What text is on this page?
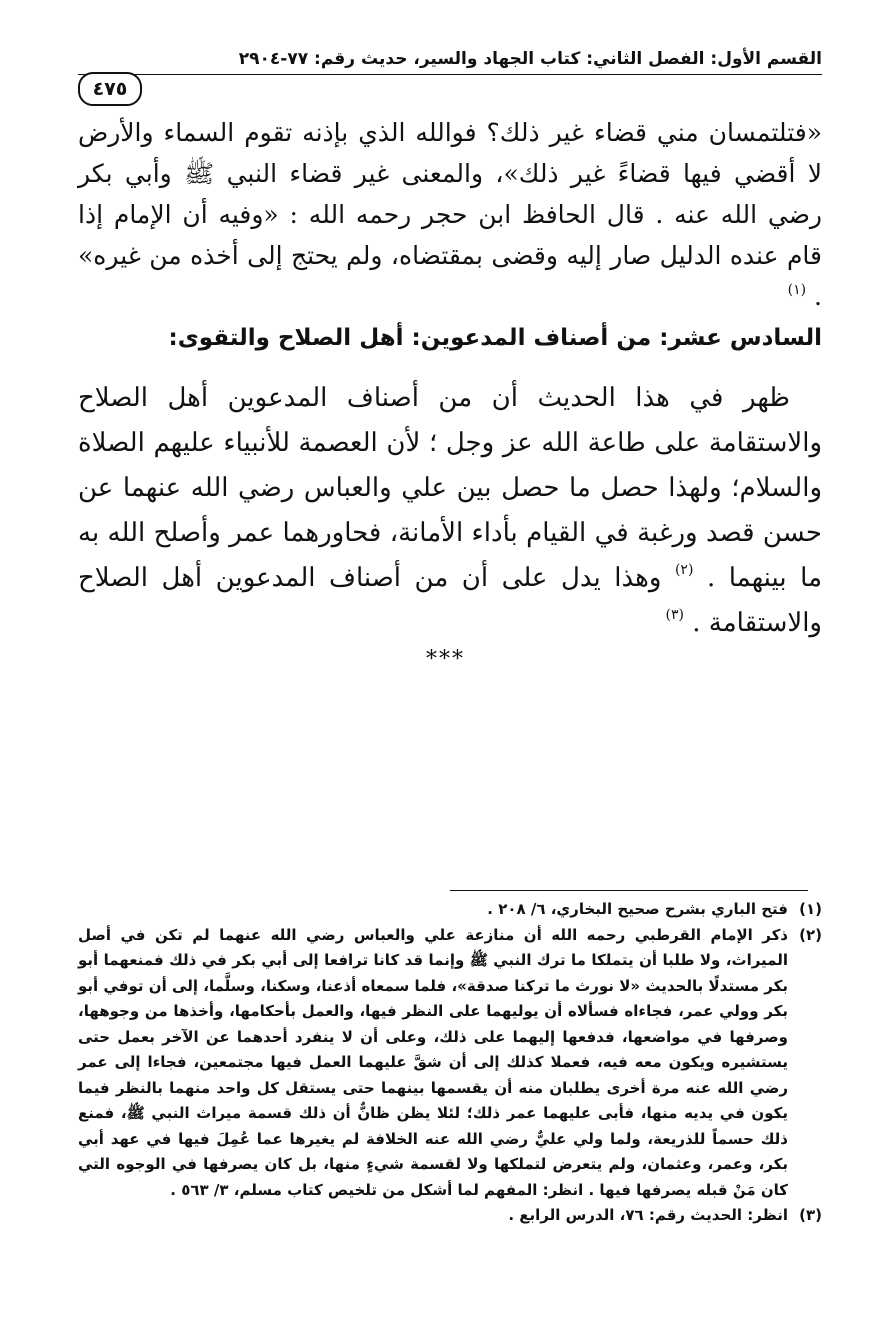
القسم الأول: الفصل الثاني: كتاب الجهاد والسير، حديث رقم: ٧٧-٢٩٠٤
٤٧٥
«فتلتمسان مني قضاء غير ذلك؟ فوالله الذي بإذنه تقوم السماء والأرض لا أقضي فيها قضاءً غير ذلك»، والمعنى غير قضاء النبي ﷺ وأبي بكر رضي الله عنه . قال الحافظ ابن حجر رحمه الله : «وفيه أن الإمام إذا قام عنده الدليل صار إليه وقضى بمقتضاه، ولم يحتج إلى أخذه من غيره» . $^{(١)}$
السادس عشر: من أصناف المدعوين: أهل الصلاح والتقوى:
ظهر في هذا الحديث أن من أصناف المدعوين أهل الصلاح والاستقامة على طاعة الله عز وجل ؛ لأن العصمة للأنبياء عليهم الصلاة والسلام؛ ولهذا حصل ما حصل بين علي والعباس رضي الله عنهما عن حسن قصد ورغبة في القيام بأداء الأمانة، فحاورهما عمر وأصلح الله به ما بينهما . $^{(٢)}$ وهذا يدل على أن من أصناف المدعوين أهل الصلاح والاستقامة . $^{(٣)}$
***
(١)
فتح الباري بشرح صحيح البخاري، ٦/ ٢٠٨ .
(٢)
ذكر الإمام القرطبي رحمه الله أن منازعة علي والعباس رضي الله عنهما لم تكن في أصل الميراث، ولا طلبا أن يتملكا ما ترك النبي ﷺ وإنما قد كانا ترافعا إلى أبي بكر في ذلك فمنعهما أبو بكر مستدلًا بالحديث «لا نورث ما تركنا صدقة»، فلما سمعاه أذعنا، وسكنا، وسلَّما، إلى أن توفي أبو بكر وولي عمر، فجاءاه فسألاه أن يوليهما على النظر فيها، والعمل بأحكامها، وأخذها من وجوهها، وصرفها في مواضعها، فدفعها إليهما على ذلك، وعلى أن لا ينفرد أحدهما عن الآخر بعمل حتى يستشيره ويكون معه فيه، فعملا كذلك إلى أن شقَّ عليهما العمل فيها مجتمعين، فجاءا إلى عمر رضي الله عنه مرة أخرى يطلبان منه أن يقسمها بينهما حتى يستقل كل واحد منهما بالنظر فيما يكون في يديه منها، فأبى عليهما عمر ذلك؛ لئلا يظن ظانٌّ أن ذلك قسمة ميراث النبي ﷺ، فمنع ذلك حسماً للذريعة، ولما ولي عليٌّ رضي الله عنه الخلافة لم يغيرها عما عُمِلَ فيها في عهد أبي بكر، وعمر، وعثمان، ولم يتعرض لتملكها ولا لقسمة شيءٍ منها، بل كان يصرفها في الوجوه التي كان مَنْ قبله يصرفها فيها . انظر: المفهم لما أشكل من تلخيص كتاب مسلم، ٣/ ٥٦٣ .
(٣)
انظر: الحديث رقم: ٧٦، الدرس الرابع .
